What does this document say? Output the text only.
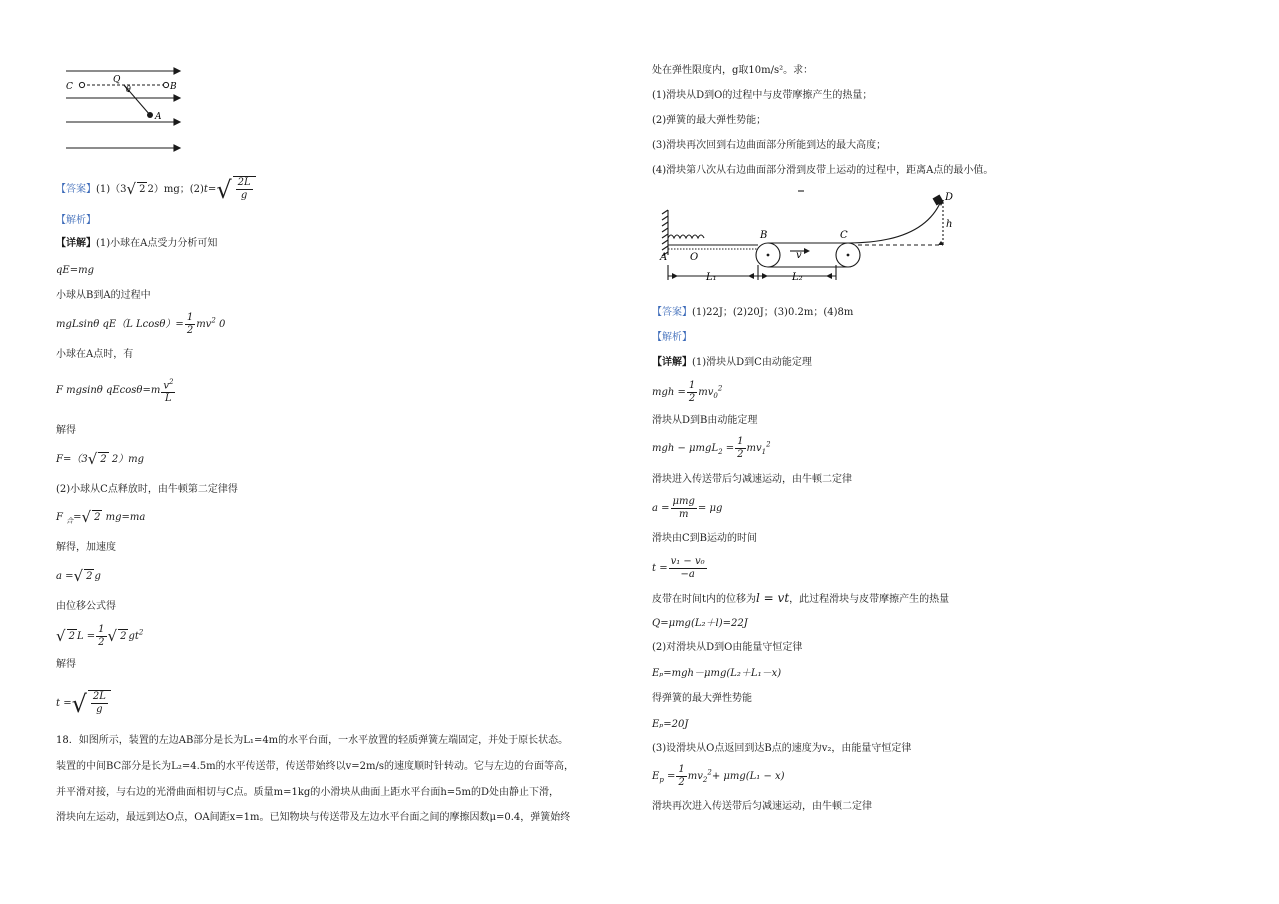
C
Q
θ	B
A
【答案】(1)（3√ 2 2）mg；$(2)t=√ \frac{2L}{g}$
【解析】
【详解】(1)小球在A点受力分析可知
qE=mg
小球从B到A的过程中
mgLsinθ qE（L $Lcos\theta)= \frac{1}{2} mv^2$ 0
小球在A点时，有
F mgsinθ $qEcos\theta=m \frac{v^2}{L}$
解得
F=（3√ 2 2）mg
(2)小球从C点释放时，由牛顿第二定律得
F $_合$=√ 2 mg=ma
解得，加速度
a =√ 2 g
由位移公式得
√ 2 $L = \frac{1}{2}$ √ 2 $gt^2$
解得
t =√ $\frac{2L}{g}$
18．如图所示，装置的左边AB部分是长为L₁=4m的水平台面，一水平放置的轻质弹簧左端固定，并处于原长状态。
装置的中间BC部分是长为L₂=4.5m的水平传送带，传送带始终以v=2m/s的速度顺时针转动。它与左边的台面等高，
并平滑对接，与右边的光滑曲面相切与C点。质量m=1kg的小滑块从曲面上距水平台面h=5m的D处由静止下滑，
滑块向左运动，最远到达O点，OA间距x=1m。已知物块与传送带及左边水平台面之间的摩擦因数μ=0.4，弹簧始终
处在弹性限度内，g取10m/s²。求：
(1)滑块从D到O的过程中与皮带摩擦产生的热量；
(2)弹簧的最大弹性势能；
(3)滑块再次回到右边曲面部分所能到达的最大高度；
(4)滑块第八次从右边曲面部分滑到皮带上运动的过程中，距离A点的最小值。
D
h
B	C
A O	v
L₁	L₂
【答案】(1)22J；(2)20J；(3)0.2m；(4)8m
【解析】
【详解】(1)滑块从D到C由动能定理
mgh = $\frac{1}{2} mv_0^2$
滑块从D到B由动能定理
mgh − $\mu mgL_2 = \frac{1}{2} mv_1^2$
滑块进入传送带后匀减速运动，由牛顿二定律
$a = \frac{\text{μmg}}{m} = \mu g$
滑块由C到B运动的时间
$t = \frac{\text{v₁ − v₀}}{-a}$
皮带在时间t内的位移为l = vt，此过程滑块与皮带摩擦产生的热量
Q=μmg(L₂＋l)=22J
(2)对滑块从D到O由能量守恒定律
Eₚ=mgh－μmg(L₂＋L₁－x)
得弹簧的最大弹性势能
Eₚ=20J
(3)设滑块从O点返回到达B点的速度为v₂，由能量守恒定律
$E_p = \frac{1}{2} mv_2^2+ \mu mg(L_1 - x)$
滑块再次进入传送带后匀减速运动，由牛顿二定律
